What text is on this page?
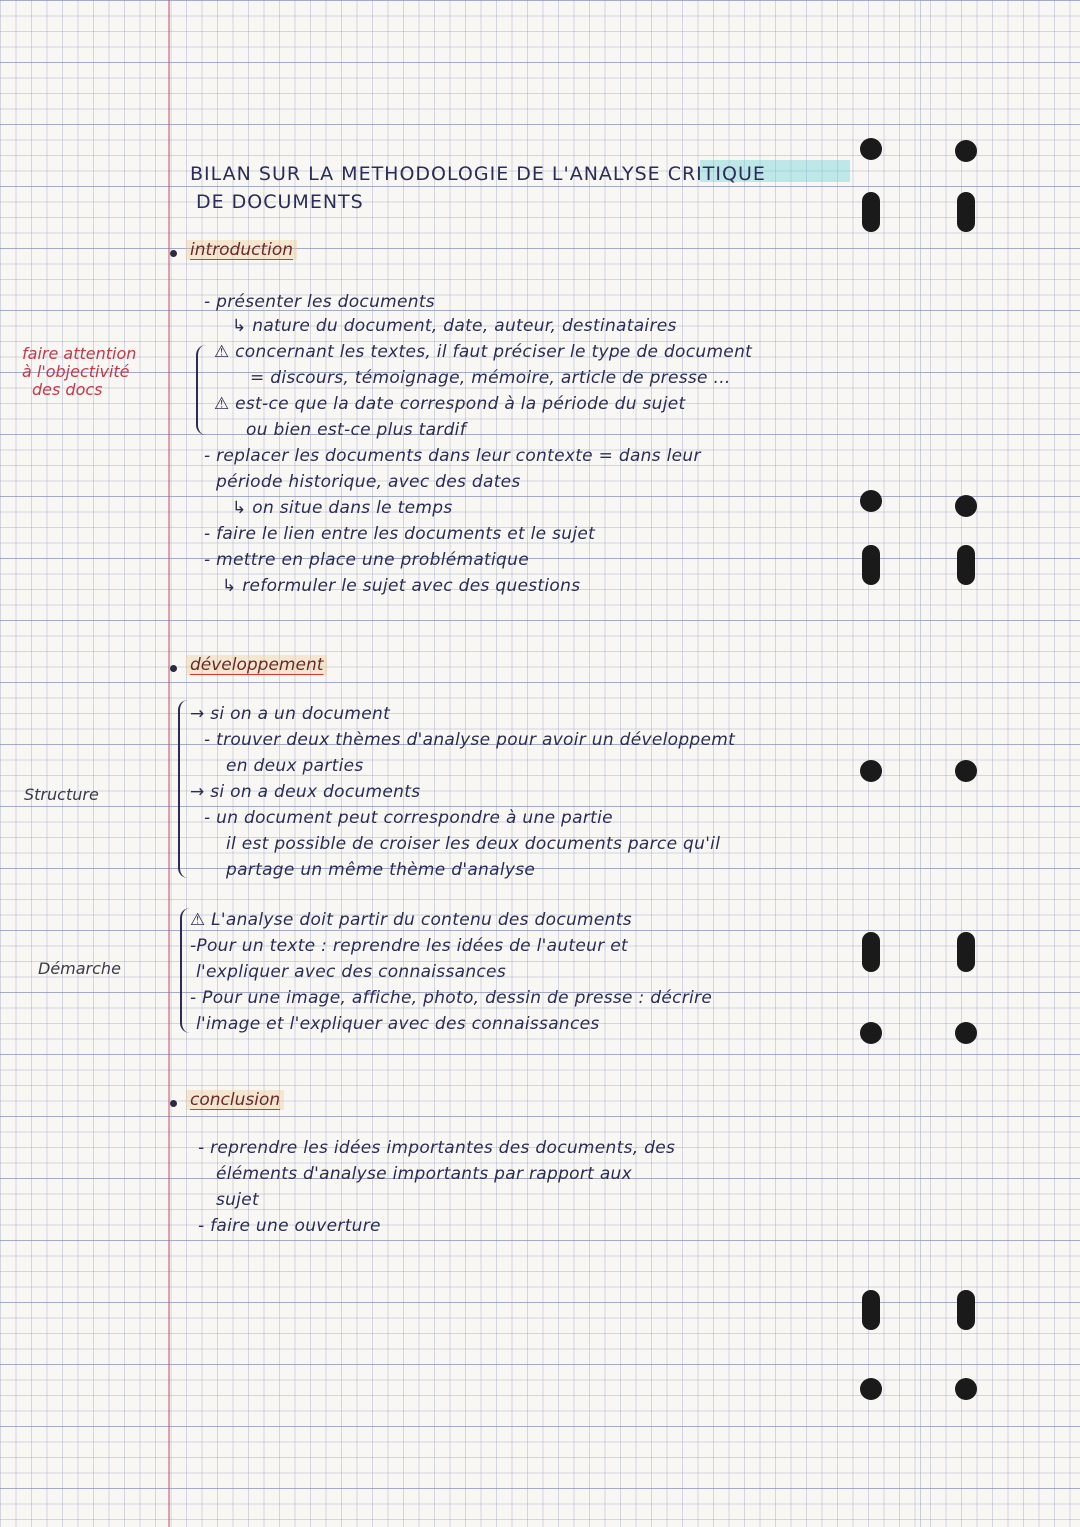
BILAN SUR LA METHODOLOGIE DE L'ANALYSE CRITIQUE
DE DOCUMENTS
introduction
faire attention
à l'objectivité
des docs
- présenter les documents
↳ nature du document, date, auteur, destinataires
⚠ concernant les textes, il faut préciser le type de document
= discours, témoignage, mémoire, article de presse ...
⚠ est-ce que la date correspond à la période du sujet
ou bien est-ce plus tardif
- replacer les documents dans leur contexte = dans leur
période historique, avec des dates
↳ on situe dans le temps
- faire le lien entre les documents et le sujet
- mettre en place une problématique
↳ reformuler le sujet avec des questions
développement
Structure
→ si on a un document
- trouver deux thèmes d'analyse pour avoir un développemt
en deux parties
→ si on a deux documents
- un document peut correspondre à une partie
il est possible de croiser les deux documents parce qu'il
partage un même thème d'analyse
Démarche
⚠ L'analyse doit partir du contenu des documents
-Pour un texte : reprendre les idées de l'auteur et
l'expliquer avec des connaissances
- Pour une image, affiche, photo, dessin de presse : décrire
l'image et l'expliquer avec des connaissances
conclusion
- reprendre les idées importantes des documents, des
éléments d'analyse importants par rapport aux
sujet
- faire une ouverture
